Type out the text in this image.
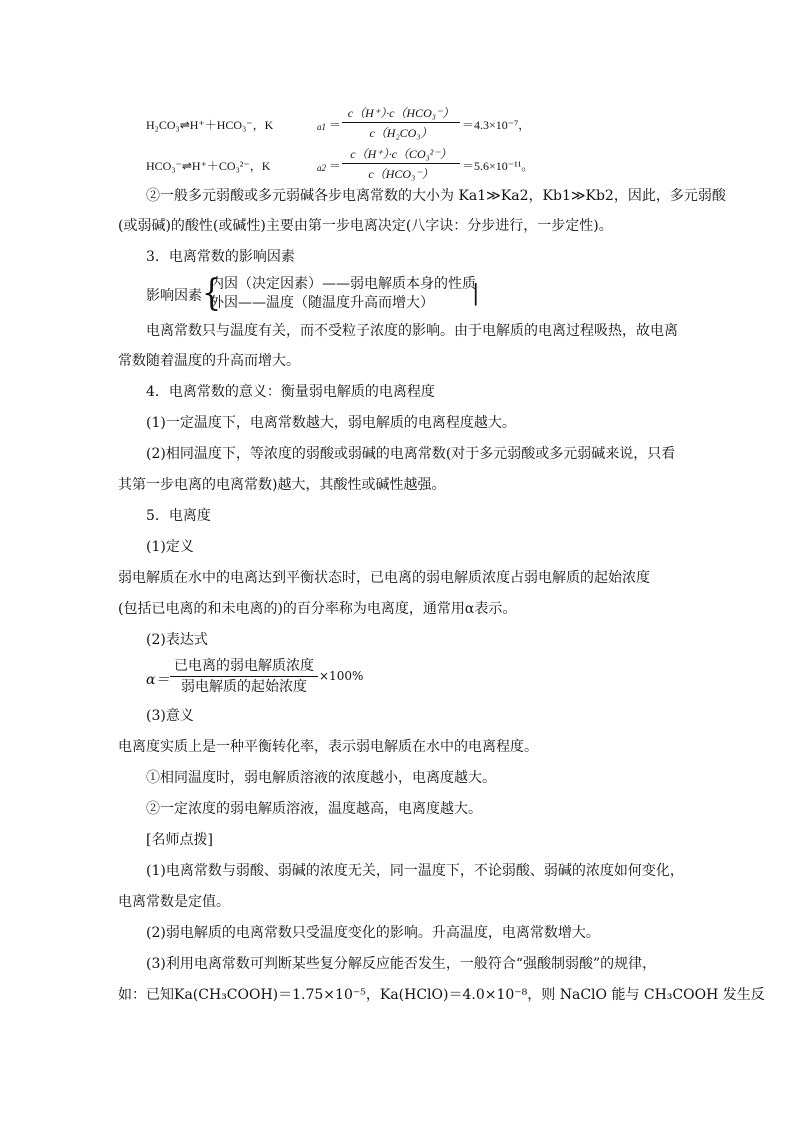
H₂CO₃⇌H⁺＋HCO₃⁻，K	a1 ＝
c（H⁺）·c（HCO₃⁻）
c（H₂CO₃）
＝4.3×10⁻⁷，
HCO₃⁻⇌H⁺＋CO₃²⁻，K	a2 ＝
c（H⁺）·c（CO₃²⁻）
c（HCO₃⁻）
＝5.6×10⁻¹¹。
②一般多元弱酸或多元弱碱各步电离常数的大小为 Ka1≫Ka2，Kb1≫Kb2，因此，多元弱酸
(或弱碱)的酸性(或碱性)主要由第一步电离决定(八字诀：分步进行，一步定性)。
3．电离常数的影响因素
影响因素 {
内因（决定因素）——弱电解质本身的性质
外因——温度（随温度升高而增大） |
电离常数只与温度有关，而不受粒子浓度的影响。由于电解质的电离过程吸热，故电离
常数随着温度的升高而增大。
4．电离常数的意义：衡量弱电解质的电离程度
(1)一定温度下，电离常数越大，弱电解质的电离程度越大。
(2)相同温度下，等浓度的弱酸或弱碱的电离常数(对于多元弱酸或多元弱碱来说，只看
其第一步电离的电离常数)越大，其酸性或碱性越强。
5．电离度
(1)定义
弱电解质在水中的电离达到平衡状态时，已电离的弱电解质浓度占弱电解质的起始浓度
(包括已电离的和未电离的)的百分率称为电离度，通常用α表示。
(2)表达式
α＝
已电离的弱电解质浓度
弱电解质的起始浓度
×100%
(3)意义
电离度实质上是一种平衡转化率，表示弱电解质在水中的电离程度。
①相同温度时，弱电解质溶液的浓度越小，电离度越大。
②一定浓度的弱电解质溶液，温度越高，电离度越大。
[名师点拨]
(1)电离常数与弱酸、弱碱的浓度无关，同一温度下，不论弱酸、弱碱的浓度如何变化，
电离常数是定值。
(2)弱电解质的电离常数只受温度变化的影响。升高温度，电离常数增大。
(3)利用电离常数可判断某些复分解反应能否发生，一般符合“强酸制弱酸”的规律，
如：已知Ka(CH₃COOH)＝1.75×10⁻⁵，Ka(HClO)＝4.0×10⁻⁸，则 NaClO 能与 CH₃COOH 发生反
